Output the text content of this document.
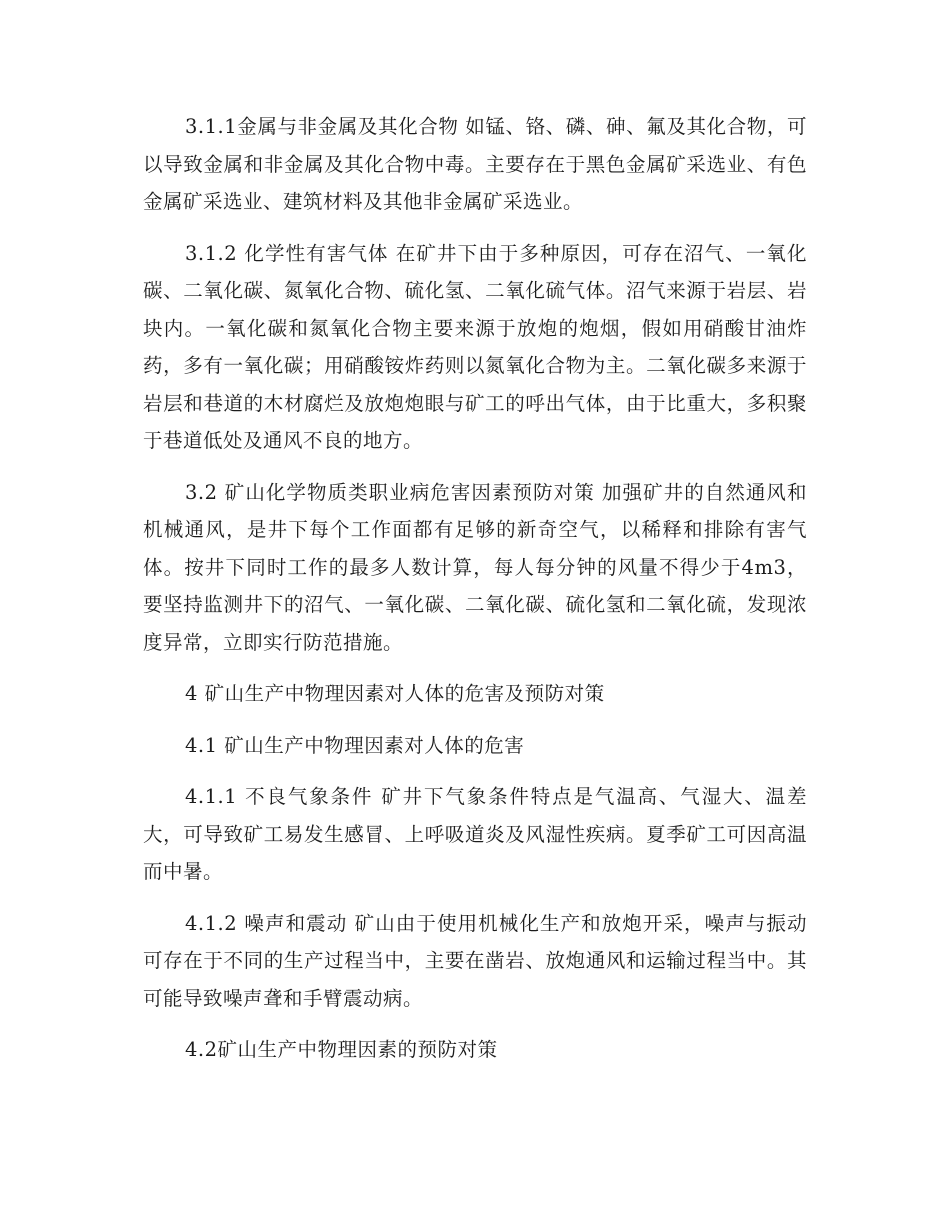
3.1.1金属与非金属及其化合物 如锰、铬、磷、砷、氟及其化合物，可以导致金属和非金属及其化合物中毒。主要存在于黑色金属矿采选业、有色金属矿采选业、建筑材料及其他非金属矿采选业。

3.1.2 化学性有害气体 在矿井下由于多种原因，可存在沼气、一氧化碳、二氧化碳、氮氧化合物、硫化氢、二氧化硫气体。沼气来源于岩层、岩块内。一氧化碳和氮氧化合物主要来源于放炮的炮烟，假如用硝酸甘油炸药，多有一氧化碳；用硝酸铵炸药则以氮氧化合物为主。二氧化碳多来源于岩层和巷道的木材腐烂及放炮炮眼与矿工的呼出气体，由于比重大，多积聚于巷道低处及通风不良的地方。

3.2 矿山化学物质类职业病危害因素预防对策 加强矿井的自然通风和机械通风，是井下每个工作面都有足够的新奇空气，以稀释和排除有害气体。按井下同时工作的最多人数计算，每人每分钟的风量不得少于4m3，要坚持监测井下的沼气、一氧化碳、二氧化碳、硫化氢和二氧化硫，发现浓度异常，立即实行防范措施。

4 矿山生产中物理因素对人体的危害及预防对策

4.1 矿山生产中物理因素对人体的危害

4.1.1 不良气象条件 矿井下气象条件特点是气温高、气湿大、温差大，可导致矿工易发生感冒、上呼吸道炎及风湿性疾病。夏季矿工可因高温而中暑。

4.1.2 噪声和震动 矿山由于使用机械化生产和放炮开采，噪声与振动可存在于不同的生产过程当中，主要在凿岩、放炮通风和运输过程当中。其可能导致噪声聋和手臂震动病。

4.2矿山生产中物理因素的预防对策
